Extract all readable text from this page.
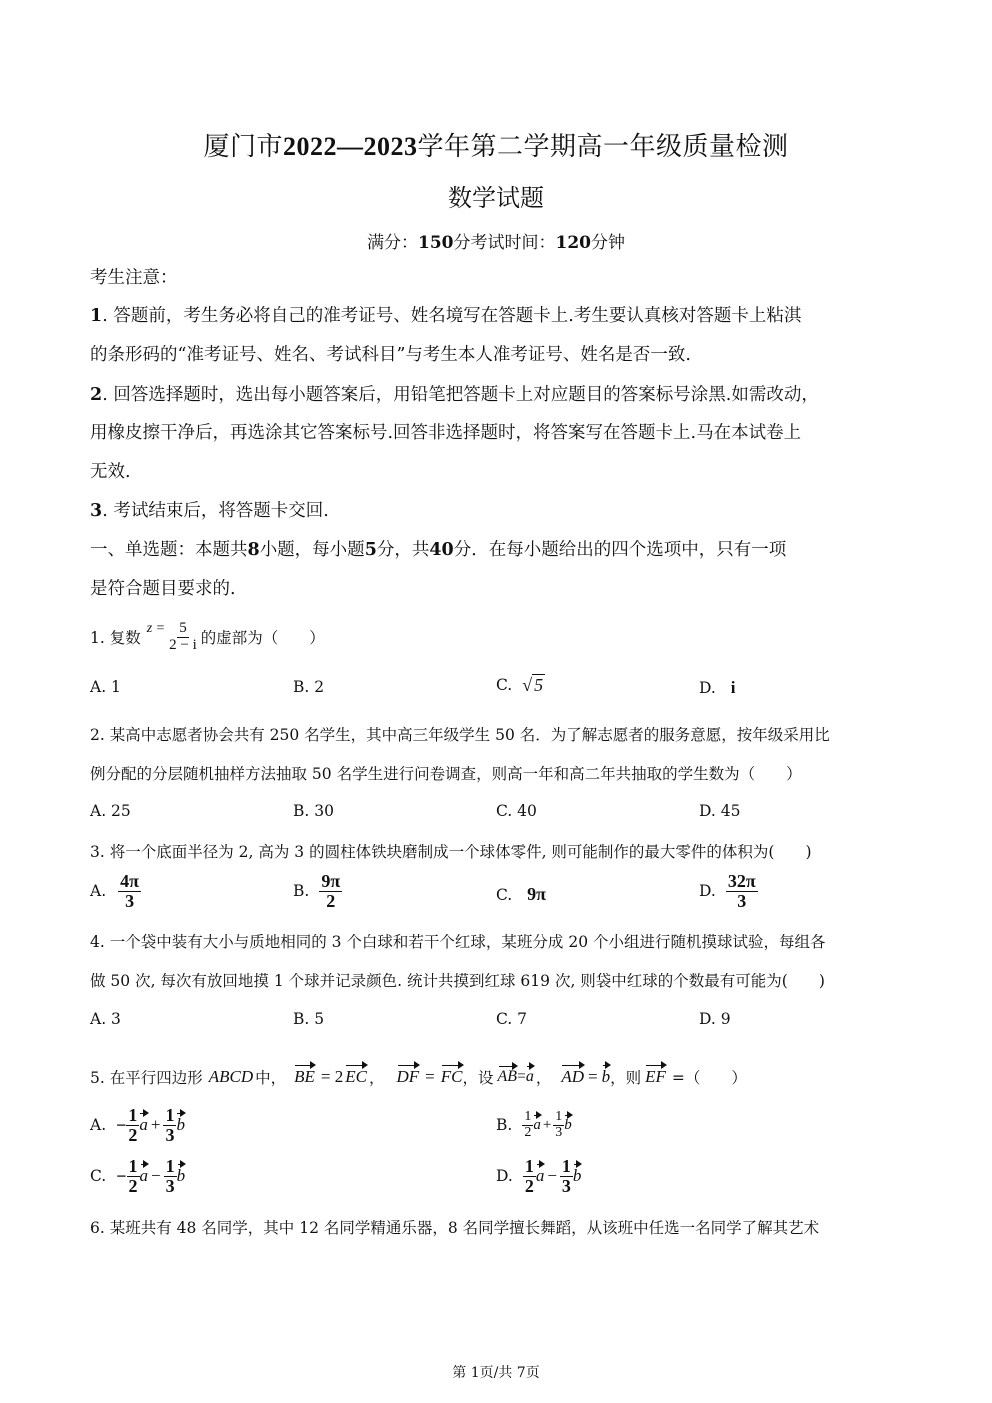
厦门市2022—2023学年第二学期高一年级质量检测
数学试题
满分：150分考试时间：120分钟
考生注意：
1. 答题前，考生务必将自己的准考证号、姓名境写在答题卡上.考生要认真核对答题卡上粘淇
的条形码的“准考证号、姓名、考试科目”与考生本人准考证号、姓名是否一致.
2. 回答选择题时，选出每小题答案后，用铅笔把答题卡上对应题目的答案标号涂黑.如需改动，
用橡皮擦干净后，再选涂其它答案标号.回答非选择题时，将答案写在答题卡上.马在本试卷上
无效.
3. 考试结束后，将答题卡交回.
一、单选题：本题共8小题，每小题5分，共40分．在每小题给出的四个选项中，只有一项
是符合题目要求的.
1. 复数
$z = \frac{5}{2 - i}$ 的虚部为（　　）
A. 1	B. 2	C. √ 5	D. i
2. 某高中志愿者协会共有 250 名学生，其中高三年级学生 50 名．为了解志愿者的服务意愿，按年级采用比
例分配的分层随机抽样方法抽取 50 名学生进行问卷调查，则高一年和高二年共抽取的学生数为（　　）
A. 25	B. 30	C. 40	D. 45
3. 将一个底面半径为 2, 高为 3 的圆柱体铁块磨制成一个球体零件, 则可能制作的最大零件的体积为(　　)
A. $\frac{4\pi}{3}$	B. $\frac{9\pi}{2}$	C. 9π	D. $\frac{32\pi}{3}$
4. 一个袋中装有大小与质地相同的 3 个白球和若干个红球，某班分成 20 个小组进行随机摸球试验，每组各
做 50 次, 每次有放回地摸 1 个球并记录颜色. 统计共摸到红球 619 次, 则袋中红球的个数最有可能为(　　)
A. 3	B. 5	C. 7	D. 9
5. 在平行四边形 ABCD 中， BE = 2 EC ， DF = FC ，设 AB = a ， AD = b ，则 EF =（　　）
A. − $\frac{1}{2}$ $a + \frac{1}{3}$ b	B. $\frac{1}{2}$ $a + \frac{1}{3}$ b
C. − $\frac{1}{2}$ $a - \frac{1}{3}$ b	D. $\frac{1}{2}$ $a - \frac{1}{3}$ b
6. 某班共有 48 名同学，其中 12 名同学精通乐器，8 名同学擅长舞蹈，从该班中任选一名同学了解其艺术
第 1页/共 7页
